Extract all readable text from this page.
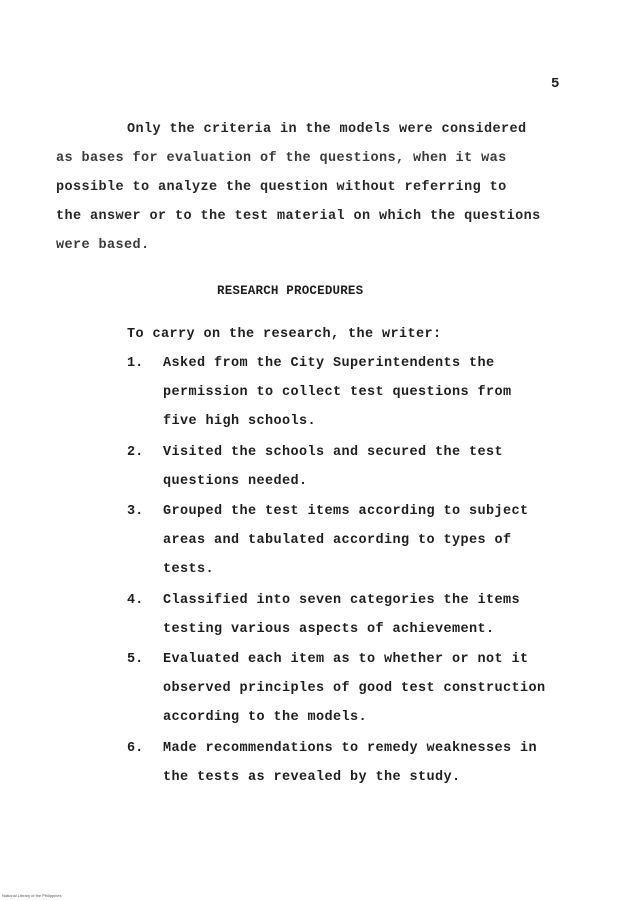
5
Only the criteria in the models were considered
as bases for evaluation of the questions, when it was
possible to analyze the question without referring to
the answer or to the test material on which the questions
were based.
RESEARCH PROCEDURES
To carry on the research, the writer:
1. Asked from the City Superintendents the
permission to collect test questions from
five high schools.
2. Visited the schools and secured the test
questions needed.
3. Grouped the test items according to subject
areas and tabulated according to types of
tests.
4. Classified into seven categories the items
testing various aspects of achievement.
5. Evaluated each item as to whether or not it
observed principles of good test construction
according to the models.
6. Made recommendations to remedy weaknesses in
the tests as revealed by the study.
National Library of the Philippines
